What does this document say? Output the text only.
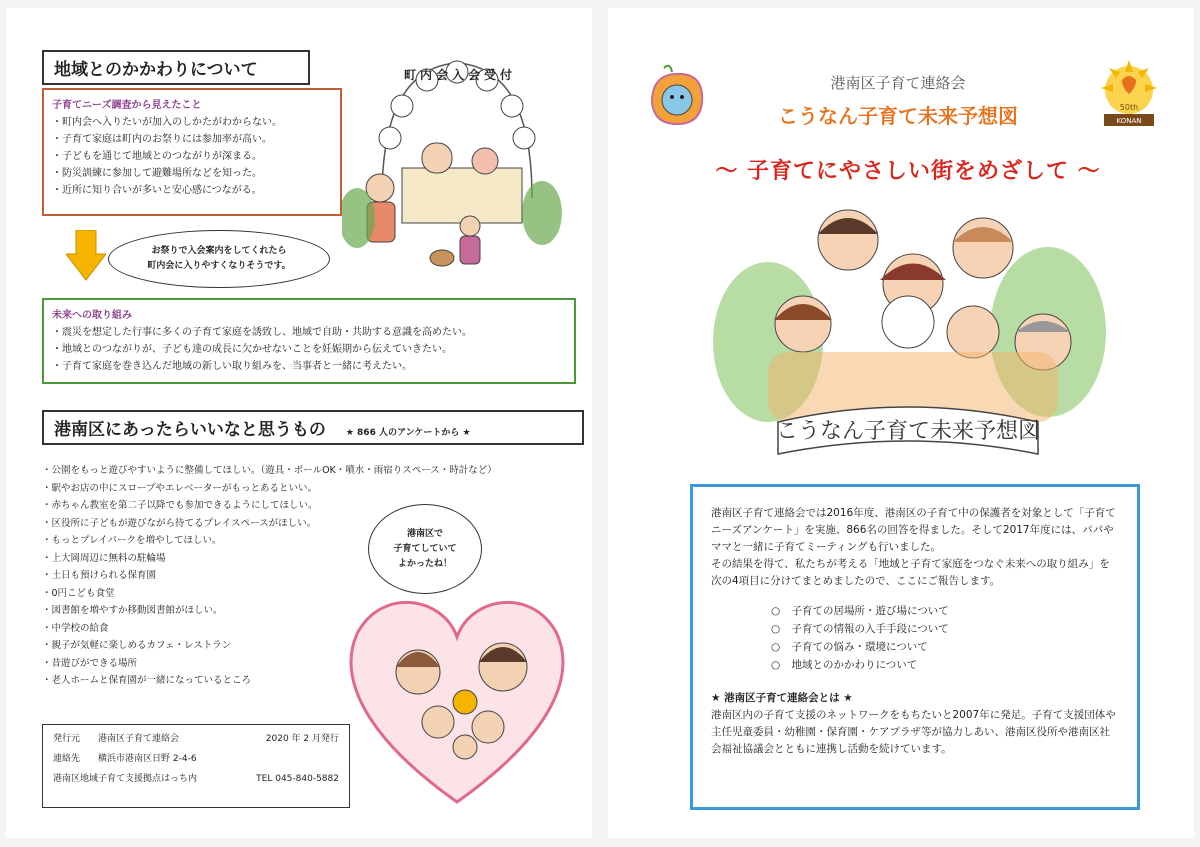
地域とのかかわりについて
子育てニーズ調査から見えたこと
・ 町内会へ入りたいが加入のしかたがわからない。
・ 子育て家庭は町内のお祭りには参加率が高い。
・ 子どもを通じて地域とのつながりが深まる。
・ 防災訓練に参加して避難場所などを知った。
・ 近所に知り合いが多いと安心感につながる。
町内会入会受付
お祭りで入会案内をしてくれたら
町内会に入りやすくなりそうです。
未来への取り組み
・ 震災を想定した行事に多くの子育て家庭を誘致し、地域で自助・共助する意識を高めたい。
・ 地域とのつながりが、子ども達の成長に欠かせないことを妊娠期から伝えていきたい。
・ 子育て家庭を巻き込んだ地域の新しい取り組みを、当事者と一緒に考えたい。
港南区にあったらいいなと思うもの ★ 866 人のアンケートから ★
・ 公園をもっと遊びやすいように整備してほしい。（遊具・ボールOK・噴水・雨宿りスペース・時計など）
・ 駅やお店の中にスロープやエレベーターがもっとあるといい。
・ 赤ちゃん教室を第二子以降でも参加できるようにしてほしい。
・ 区役所に子どもが遊びながら待てるプレイスペースがほしい。
・ もっとプレイパークを増やしてほしい。
・ 上大岡周辺に無料の駐輪場
・ 土日も預けられる保育園
・ 0円こども食堂
・ 図書館を増やすか移動図書館がほしい。
・ 中学校の給食
・ 親子が気軽に楽しめるカフェ・レストラン
・ 昔遊びができる場所
・ 老人ホームと保育園が一緒になっているところ
港南区で
子育てしていて
よかったね！
発行元　　 港南区子育て連絡会	2020 年 2 月発行
連絡先　　 横浜市港南区日野 2-4-6
港南区地域子育て支援拠点はっち内	TEL 045-840-5882
港南区子育て連絡会
こうなん子育て未来予想図	50th
KONAN
～ 子育てにやさしい街をめざして ～
こうなん子育て未来予想図
港南区子育て連絡会では2016年度、港南区の子育て中の保護者を対象として「子育てニーズアンケート」を実施、866名の回答を得ました。そして2017年度には、パパやママと一緒に子育てミーティングも行いました。
その結果を得て、私たちが考える「地域と子育て家庭をつなぐ未来への取り組み」を次の4項目に分けてまとめましたので、ここにご報告します。
○ 子育ての居場所・遊び場について
○ 子育ての情報の入手手段について
○ 子育ての悩み・環境について
○ 地域とのかかわりについて
★ 港南区子育て連絡会とは ★
港南区内の子育て支援のネットワークをもちたいと2007年に発足。子育て支援団体や主任児童委員・幼稚園・保育園・ケアプラザ等が協力しあい、港南区役所や港南区社会福祉協議会とともに連携し活動を続けています。
